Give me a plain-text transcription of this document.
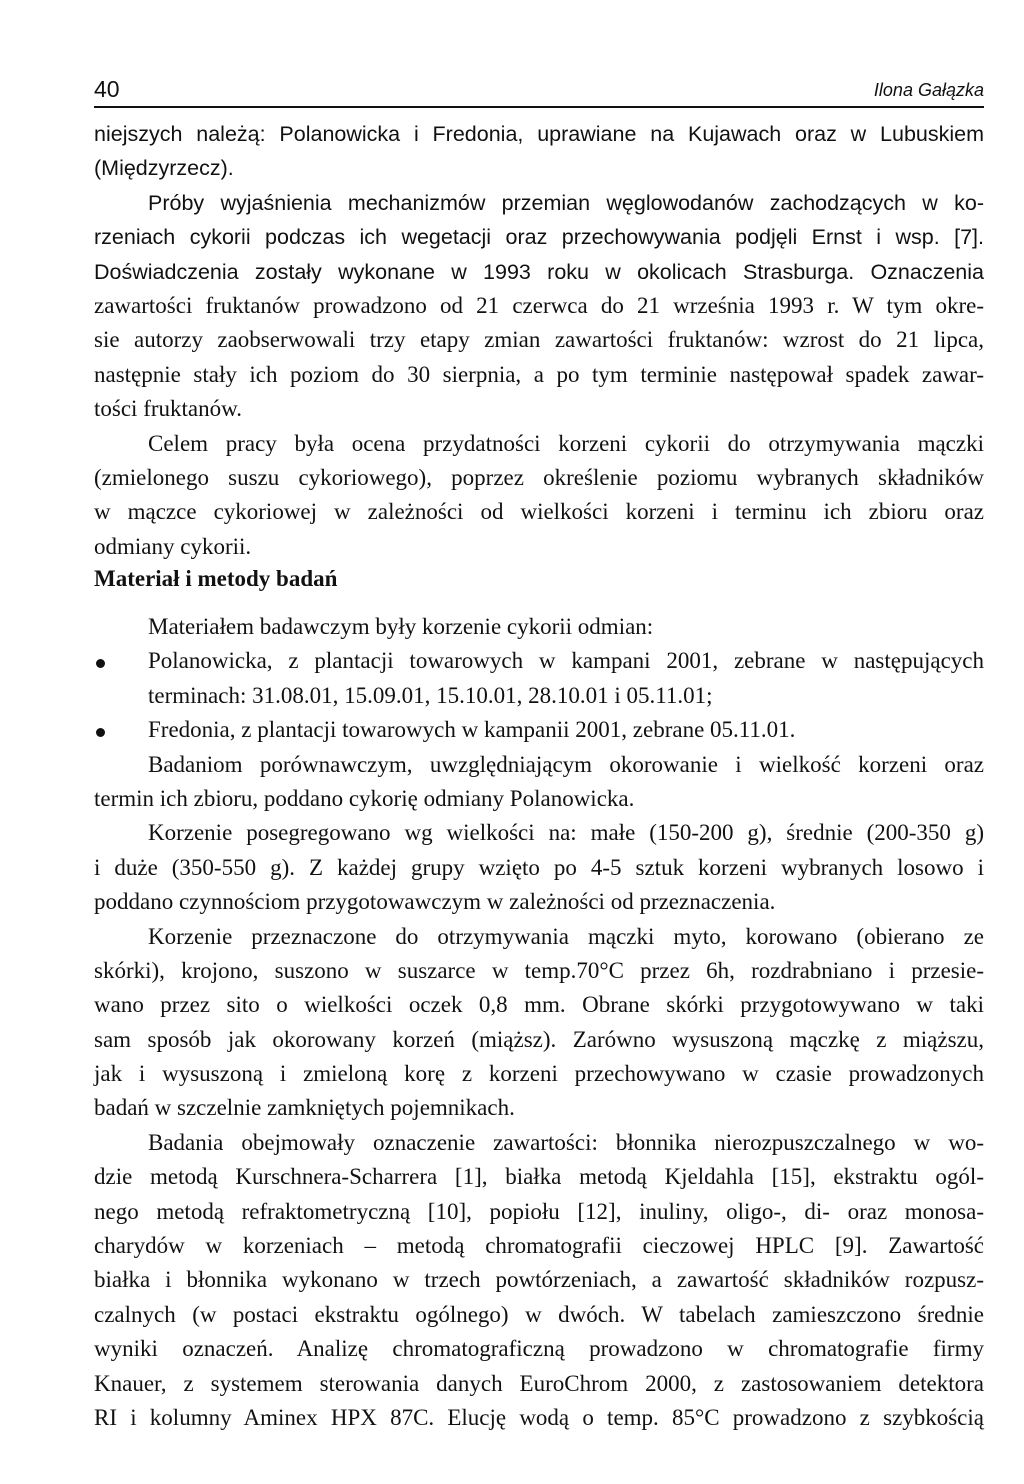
40	Ilona Gałązka
niejszych należą: Polanowicka i Fredonia, uprawiane na Kujawach oraz w Lubuskiem
(Międzyrzecz).
Próby wyjaśnienia mechanizmów przemian węglowodanów zachodzących w ko-
rzeniach cykorii podczas ich wegetacji oraz przechowywania podjęli Ernst i wsp. [7].
Doświadczenia zostały wykonane w 1993 roku w okolicach Strasburga. Oznaczenia
zawartości fruktanów prowadzono od 21 czerwca do 21 września 1993 r. W tym okre-
sie autorzy zaobserwowali trzy etapy zmian zawartości fruktanów: wzrost do 21 lipca,
następnie stały ich poziom do 30 sierpnia, a po tym terminie następował spadek zawar-
tości fruktanów.
Celem pracy była ocena przydatności korzeni cykorii do otrzymywania mączki
(zmielonego suszu cykoriowego), poprzez określenie poziomu wybranych składników
w mączce cykoriowej w zależności od wielkości korzeni i terminu ich zbioru oraz
odmiany cykorii.
Materiał i metody badań
Materiałem badawczym były korzenie cykorii odmian:
Polanowicka, z plantacji towarowych w kampani 2001, zebrane w następujących
terminach: 31.08.01, 15.09.01, 15.10.01, 28.10.01 i 05.11.01;
Fredonia, z plantacji towarowych w kampanii 2001, zebrane 05.11.01.
Badaniom porównawczym, uwzględniającym okorowanie i wielkość korzeni oraz
termin ich zbioru, poddano cykorię odmiany Polanowicka.
Korzenie posegregowano wg wielkości na: małe (150-200 g), średnie (200-350 g)
i duże (350-550 g). Z każdej grupy wzięto po 4-5 sztuk korzeni wybranych losowo i
poddano czynnościom przygotowawczym w zależności od przeznaczenia.
Korzenie przeznaczone do otrzymywania mączki myto, korowano (obierano ze
skórki), krojono, suszono w suszarce w temp.70°C przez 6h, rozdrabniano i przesie-
wano przez sito o wielkości oczek 0,8 mm. Obrane skórki przygotowywano w taki
sam sposób jak okorowany korzeń (miąższ). Zarówno wysuszoną mączkę z miąższu,
jak i wysuszoną i zmieloną korę z korzeni przechowywano w czasie prowadzonych
badań w szczelnie zamkniętych pojemnikach.
Badania obejmowały oznaczenie zawartości: błonnika nierozpuszczalnego w wo-
dzie metodą Kurschnera-Scharrera [1], białka metodą Kjeldahla [15], ekstraktu ogól-
nego metodą refraktometryczną [10], popiołu [12], inuliny, oligo-, di- oraz monosa-
charydów w korzeniach – metodą chromatografii cieczowej HPLC [9]. Zawartość
białka i błonnika wykonano w trzech powtórzeniach, a zawartość składników rozpusz-
czalnych (w postaci ekstraktu ogólnego) w dwóch. W tabelach zamieszczono średnie
wyniki oznaczeń. Analizę chromatograficzną prowadzono w chromatografie firmy
Knauer, z systemem sterowania danych EuroChrom 2000, z zastosowaniem detektora
RI i kolumny Aminex HPX 87C. Elucję wodą o temp. 85°C prowadzono z szybkością
